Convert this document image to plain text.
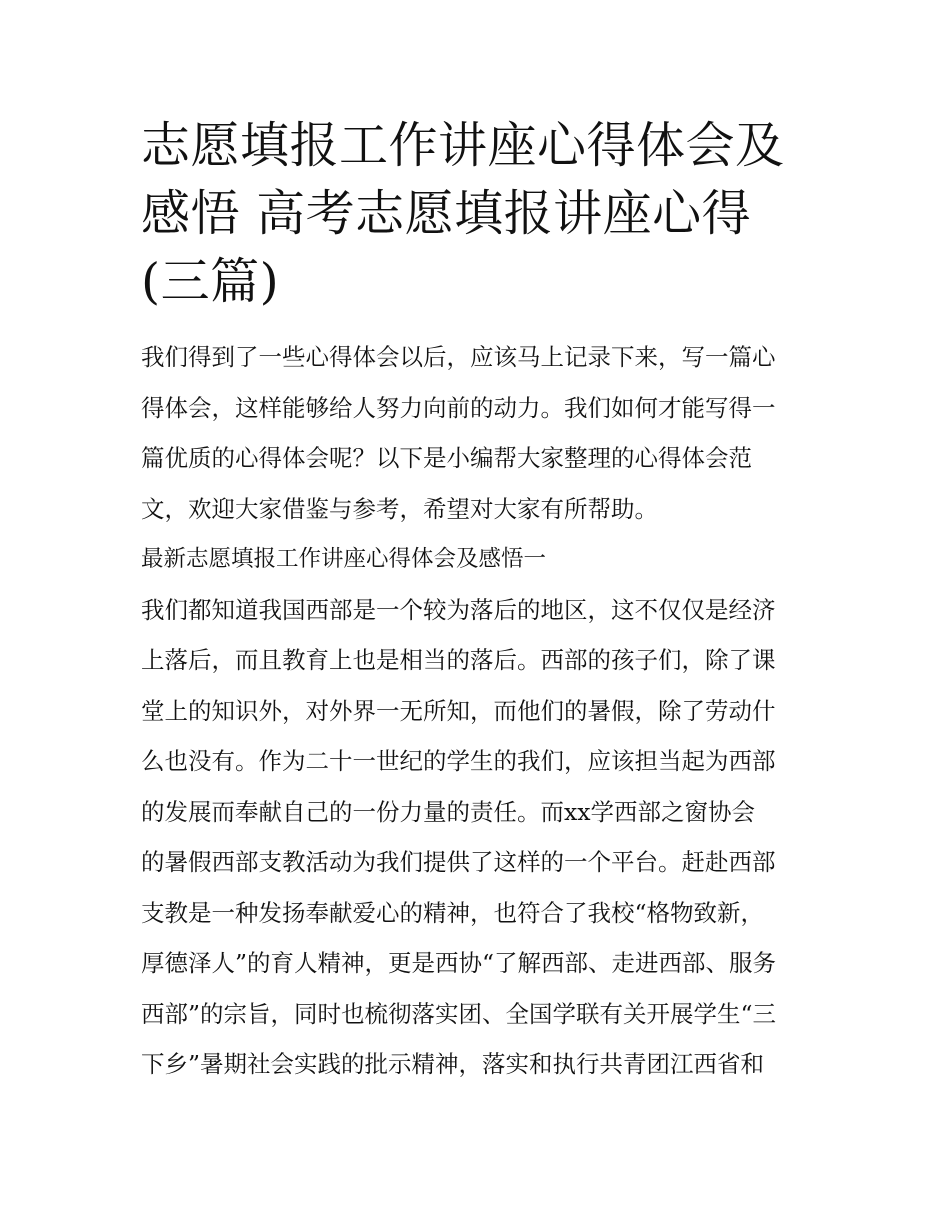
志愿填报工作讲座心得体会及
感悟 高考志愿填报讲座心得
(三篇)
我们得到了一些心得体会以后，应该马上记录下来，写一篇心
得体会，这样能够给人努力向前的动力。我们如何才能写得一
篇优质的心得体会呢？以下是小编帮大家整理的心得体会范
文，欢迎大家借鉴与参考，希望对大家有所帮助。
最新志愿填报工作讲座心得体会及感悟一
我们都知道我国西部是一个较为落后的地区，这不仅仅是经济
上落后，而且教育上也是相当的落后。西部的孩子们，除了课
堂上的知识外，对外界一无所知，而他们的暑假，除了劳动什
么也没有。作为二十一世纪的学生的我们，应该担当起为西部
的发展而奉献自己的一份力量的责任。而xx学西部之窗协会
的暑假西部支教活动为我们提供了这样的一个平台。赶赴西部
支教是一种发扬奉献爱心的精神，也符合了我校“格物致新，
厚德泽人”的育人精神，更是西协“了解西部、走进西部、服务
西部”的宗旨，同时也梳彻落实团、全国学联有关开展学生“三
下乡”暑期社会实践的批示精神，落实和执行共青团江西省和
